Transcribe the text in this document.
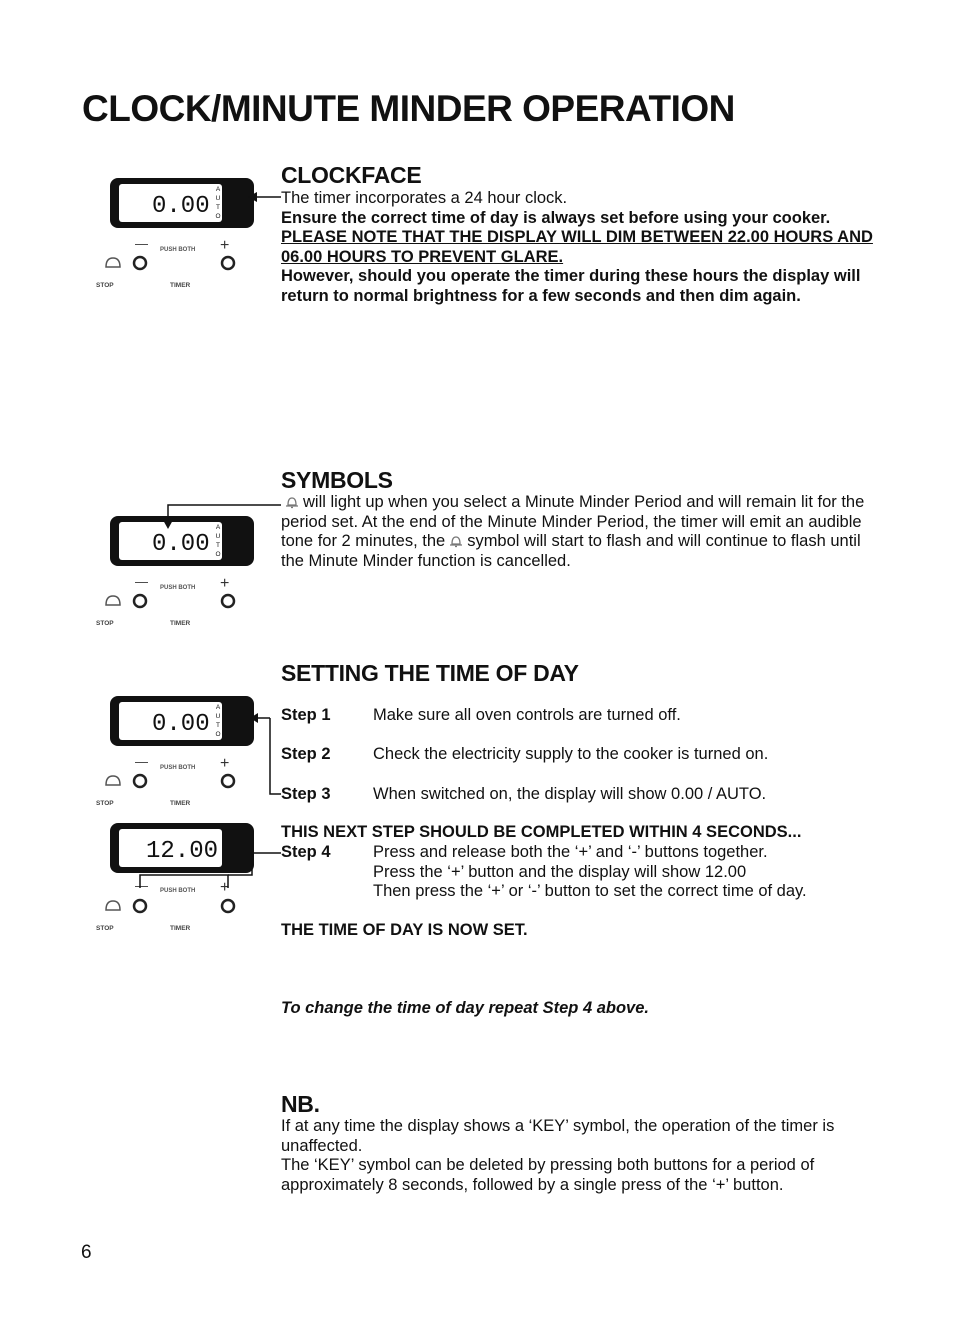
CLOCK/MINUTE MINDER OPERATION
0.00
A
U
T
O
—	+
PUSH BOTH
STOP	TIMER
CLOCKFACE

The timer incorporates a 24 hour clock.

Ensure the correct time of day is always set before using your cooker.

PLEASE NOTE THAT THE DISPLAY WILL DIM BETWEEN 22.00 HOURS AND 06.00 HOURS TO PREVENT GLARE.

However, should you operate the timer during these hours the display will return to normal brightness for a few seconds and then dim again.

0.00
A
U
T
O
—	+
PUSH BOTH
STOP	TIMER
SYMBOLS

will light up when you select a Minute Minder Period and will remain lit for the period set. At the end of the Minute Minder Period, the timer will emit an audible tone for 2 minutes, the symbol will start to flash and will continue to flash until the Minute Minder function is cancelled.

0.00
A
U
T
O
—	+
PUSH BOTH
STOP	TIMER
12.00
—	+
PUSH BOTH
STOP	TIMER
SETTING THE TIME OF DAY
Step 1	Make sure all oven controls are turned off.
Step 2	Check the electricity supply to the cooker is turned on.
Step 3	When switched on, the display will show 0.00 / AUTO.
THIS NEXT STEP SHOULD BE COMPLETED WITHIN 4 SECONDS...
Step 4	Press and release both the ‘+’ and ‘-’ buttons together.
Press the ‘+’ button and the display will show 12.00
Then press the ‘+’ or ‘-’ button to set the correct time of day.
THE TIME OF DAY IS NOW SET.
To change the time of day repeat Step 4 above.
NB.

If at any time the display shows a ‘KEY’ symbol, the operation of the timer is unaffected.

The ‘KEY’ symbol can be deleted by pressing both buttons for a period of approximately 8 seconds, followed by a single press of the ‘+’ button.

6
